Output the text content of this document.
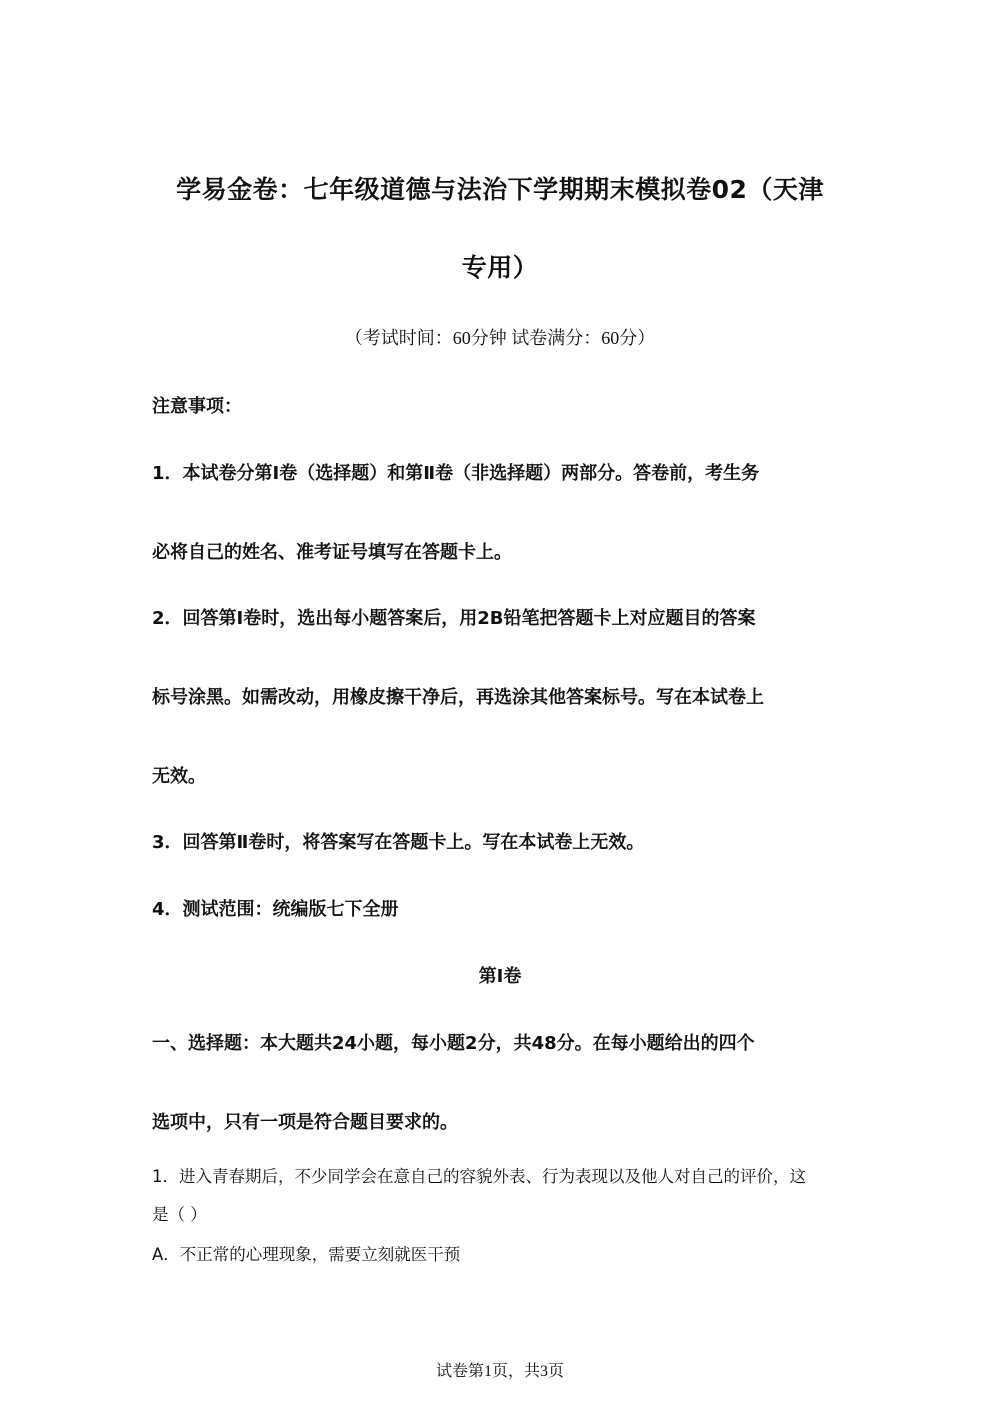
学易金卷：七年级道德与法治下学期期末模拟卷02（天津
专用）
（考试时间：60分钟 试卷满分：60分）
注意事项：
1．本试卷分第Ⅰ卷（选择题）和第Ⅱ卷（非选择题）两部分。答卷前，考生务
必将自己的姓名、准考证号填写在答题卡上。
2．回答第Ⅰ卷时，选出每小题答案后，用2B铅笔把答题卡上对应题目的答案
标号涂黑。如需改动，用橡皮擦干净后，再选涂其他答案标号。写在本试卷上
无效。
3．回答第Ⅱ卷时，将答案写在答题卡上。写在本试卷上无效。
4．测试范围：统编版七下全册
第Ⅰ卷
一、选择题：本大题共24小题，每小题2分，共48分。在每小题给出的四个
选项中，只有一项是符合题目要求的。
1．进入青春期后，不少同学会在意自己的容貌外表、行为表现以及他人对自己的评价，这
是（ ）
A．不正常的心理现象，需要立刻就医干预
试卷第1页，共3页
